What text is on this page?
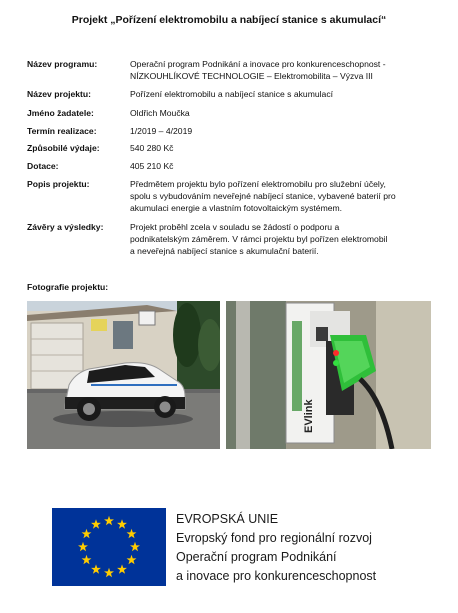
Projekt „Pořízení elektromobilu a nabíjecí stanice s akumulací“
Název programu:	Operační program Podnikání a inovace pro konkurenceschopnost -
NÍZKOUHLÍKOVÉ TECHNOLOGIE – Elektromobilita – Výzva III
Název projektu:	Pořízení elektromobilu a nabíjecí stanice s akumulací
Jméno žadatele:	Oldřich Moučka
Termín realizace:	1/2019 – 4/2019
Způsobilé výdaje:	540 280 Kč
Dotace:	405 210 Kč
Popis projektu:	Předmětem projektu bylo pořízení elektromobilu pro služební účely,
spolu s vybudováním neveřejné nabíjecí stanice, vybavené baterií pro
akumulaci energie a vlastním fotovoltaickým systémem.
Závěry a výsledky:	Projekt proběhl zcela v souladu se žádostí o podporu a
podnikatelským záměrem. V rámci projektu byl pořízen elektromobil
a neveřejná nabíjecí stanice s akumulační baterií.
Fotografie projektu:
EVlink
EVROPSKÁ UNIE
Evropský fond pro regionální rozvoj
Operační program Podnikání
a inovace pro konkurenceschopnost
